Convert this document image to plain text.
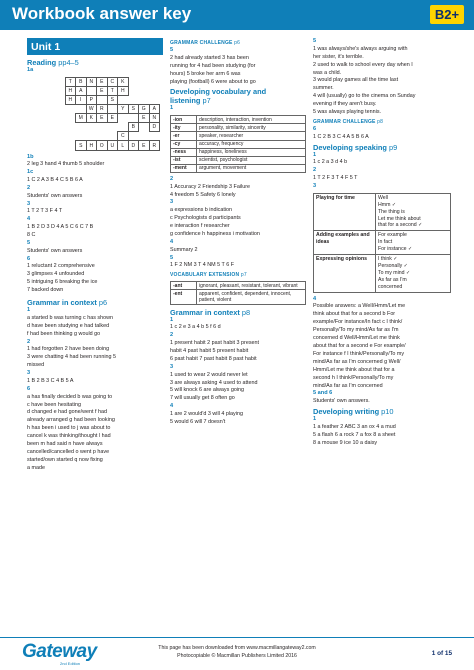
Workbook answer key	B2+
Unit 1
Reading pp4–5
1a
		T	B	N	E	C	K			
		H	A		E	T	H			
		H	I	P		S				
				W	R		Y	S	G	A
			M	K	E	E			E	N
								B		D
							C			
			S	H	O	U	L	D	E	R
1b
2 leg 3 hand 4 thumb 5 shoulder
1c
1 C 2 A 3 B 4 C 5 B 6 A
2
Students' own answers
3
1 T 2 T 3 F 4 T
4
1 B 2 D 3 D 4 A 5 C 6 C 7 B
8 C
5
Students' own answers
6
1 reluctant 2 comprehensive
3 glimpses 4 unfounded
5 intriguing 6 breaking the ice
7 backed down
Grammar in context p6
1
a started b was turning c has shown
d have been studying e had talked
f had been thinking g would go
2
1 had forgotten 2 have been doing
3 were chatting 4 had been running 5
missed
3
1 B 2 B 3 C 4 B 5 A
6
a has finally decided b was going to
c have been hesitating
d changed e had gone/went f had
already arranged g had been looking
h has been i used to j was about to
cancel k was thinking/thought l had
been m had said n have always
cancelled/cancelled o went p have
started/own started q now fixing
a made
GRAMMAR CHALLENGE p6
5
2 had already started 3 has been
running for 4 had been studying (for
hours) 5 broke her arm 6 was
playing (football) 6 were about to go
Developing vocabulary and
listening p7
1
-ion	description, interaction, invention
-ity	personality, similarity, sincerity
-er	speaker, researcher
-cy	accuracy, frequency
-ness	happiness, loneliness
-ist	scientist, psychologist
-ment	argument, movement
2
1 Accuracy 2 Friendship 3 Failure
4 freedom 5 Safety 6 lonely
3
a expressions b indication
c Psychologists d participants
e interaction f researcher
g confidence h happiness i motivation
4
Summary 2
5
1 F 2 NM 3 T 4 NM 5 T 6 F
VOCABULARY EXTENSION p7
-ant	ignorant, pleasant, resistant, tolerant, vibrant
-ent	apparent, confident, dependent, innocent, patient, violent
Grammar in context p8
1
1 c 2 e 3 a 4 b 5 f 6 d
2
1 present habit 2 past habit 3 present
habit 4 past habit 5 present habit
6 past habit 7 past habit 8 past habit
3
1 used to wear 2 would never let
3 are always asking 4 used to attend
5 will knock 6 are always going
7 will usually get 8 often go
4
1 are 2 would'd 3 will 4 playing
5 would 6 will 7 doesn't
5
1 was always/she's always arguing with
her sister, it's terrible.
2 used to walk to school every day when I
was a child.
3 would play games all the time last
summer.
4 will (usually) go to the cinema on Sunday
evening if they aren't busy.
5 was always playing tennis.
GRAMMAR CHALLENGE p8
6
1 C 2 B 3 C 4 A 5 B 6 A
Developing speaking p9
1
1 c 2 a 3 d 4 b
2
1 T 2 F 3 T 4 F 5 T
3
Playing for time	Well
Hmm ✓
The thing is
Let me think about
that for a second ✓

Adding examples and ideas	For example
In fact
For instance ✓

Expressing opinions	I think ✓
Personally ✓
To my mind ✓
As far as I'm
concerned
4
Possible answers: a Well/Hmm/Let me
think about that for a second b For
example/For instance/In fact c I think/
Personally/To my mind/As far as I'm
concerned d Well/Hmm/Let me think
about that for a second e For example/
For instance f I think/Personally/To my
mind/As far as I'm concerned g Well/
Hmm/Let me think about that for a
second h I think/Personally/To my
mind/As far as I'm concerned
5 and 6
Students' own answers.
Developing writing p10
1
1 a feather 2 ABC 3 an ox 4 a mud
5 a flash 6 a rock 7 a fox 8 a sheet
8 a mouse 9 ice 10 a daisy
Gateway
2nd Edition
This page has been downloaded from www.macmillangateway2.com
Photocopiable © Macmillan Publishers Limited 2016	1 of 15
